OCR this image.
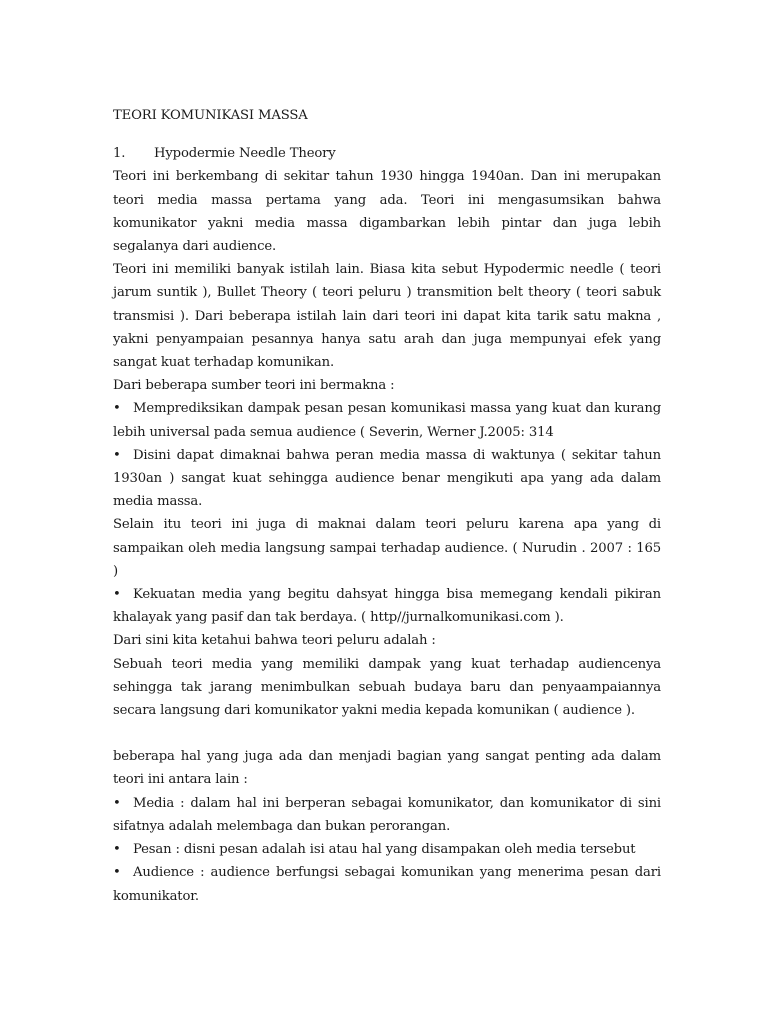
TEORI KOMUNIKASI MASSA
1. Hypodermie Needle Theory

Teori ini berkembang di sekitar tahun 1930 hingga 1940an. Dan ini merupakan teori media massa pertama yang ada. Teori ini mengasumsikan bahwa komunikator yakni media massa digambarkan lebih pintar dan juga lebih segalanya dari audience.

Teori ini memiliki banyak istilah lain. Biasa kita sebut Hypodermic needle ( teori jarum suntik ), Bullet Theory ( teori peluru ) transmition belt theory ( teori sabuk transmisi ). Dari beberapa istilah lain dari teori ini dapat kita tarik satu makna , yakni penyampaian pesannya hanya satu arah dan juga mempunyai efek yang sangat kuat terhadap komunikan.

Dari beberapa sumber teori ini bermakna :

• Memprediksikan dampak pesan pesan komunikasi massa yang kuat dan kurang lebih universal pada semua audience ( Severin, Werner J.2005: 314
• Disini dapat dimaknai bahwa peran media massa di waktunya ( sekitar tahun 1930an ) sangat kuat sehingga audience benar mengikuti apa yang ada dalam media massa.

Selain itu teori ini juga di maknai dalam teori peluru karena apa yang di sampaikan oleh media langsung sampai terhadap audience. ( Nurudin . 2007 : 165 )

• Kekuatan media yang begitu dahsyat hingga bisa memegang kendali pikiran khalayak yang pasif dan tak berdaya. ( http//jurnalkomunikasi.com ).

Dari sini kita ketahui bahwa teori peluru adalah :

Sebuah teori media yang memiliki dampak yang kuat terhadap audiencenya sehingga tak jarang menimbulkan sebuah budaya baru dan penyaampaiannya secara langsung dari komunikator yakni media kepada komunikan ( audience ).

beberapa hal yang juga ada dan menjadi bagian yang sangat penting ada dalam teori ini antara lain :

• Media : dalam hal ini berperan sebagai komunikator, dan komunikator di sini sifatnya adalah melembaga dan bukan perorangan.
• Pesan : disni pesan adalah isi atau hal yang disampakan oleh media tersebut
• Audience : audience berfungsi sebagai komunikan yang menerima pesan dari komunikator.
